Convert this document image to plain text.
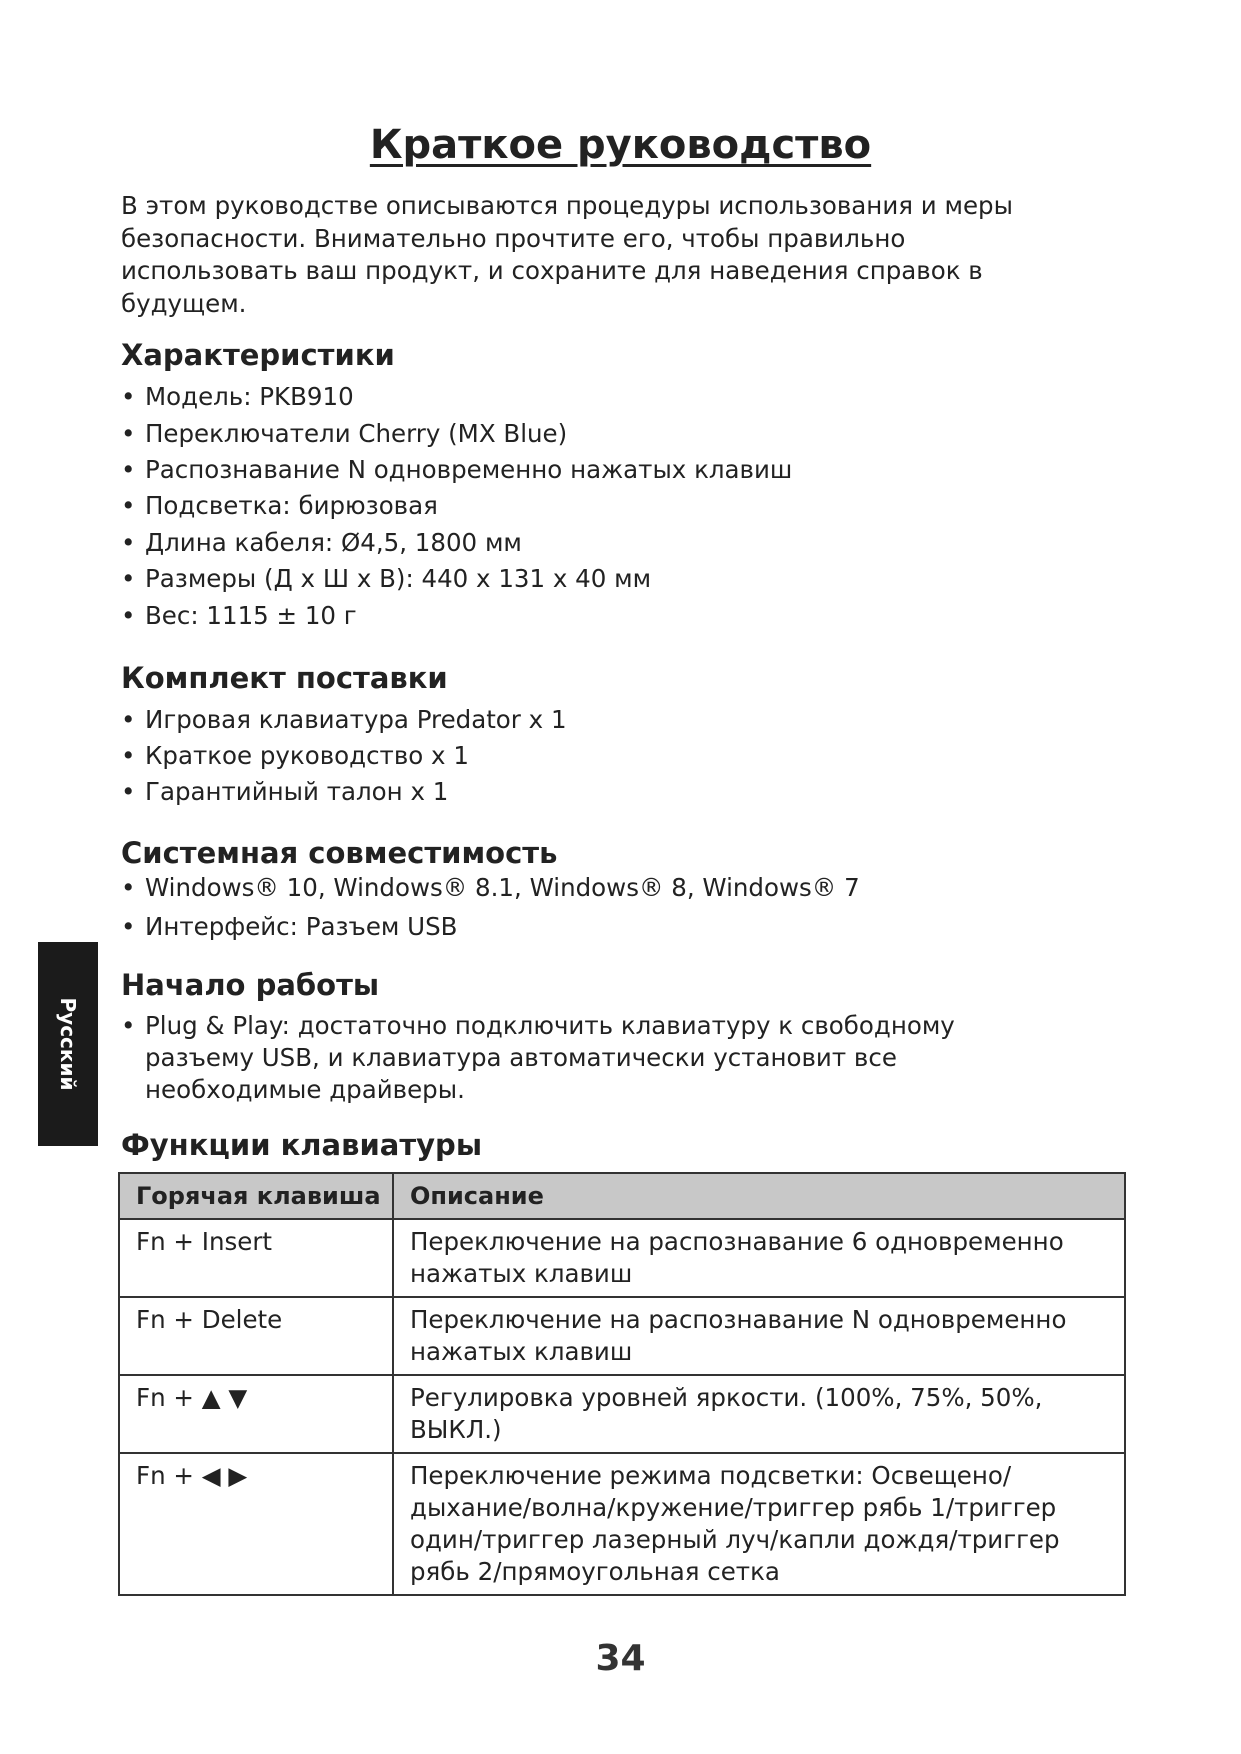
Краткое руководство

В этом руководстве описываются процедуры использования и меры безопасности. Внимательно прочтите его, чтобы правильно использовать ваш продукт, и сохраните для наведения справок в будущем.

Характеристики
• Модель: PKB910
• Переключатели Cherry (MX Blue)
• Распознавание N одновременно нажатых клавиш
• Подсветка: бирюзовая
• Длина кабеля: Ø4,5, 1800 мм
• Размеры (Д х Ш х В): 440 х 131 х 40 мм
• Вес: 1115 ± 10 г
Комплект поставки
• Игровая клавиатура Predator х 1
• Краткое руководство х 1
• Гарантийный талон х 1
Системная совместимость
• Windows® 10, Windows® 8.1, Windows® 8, Windows® 7
• Интерфейс: Разъем USB
Начало работы
• Plug & Play: достаточно подключить клавиатуру к свободному разъему USB, и клавиатура автоматически установит все необходимые драйверы.
Русский
Функции клавиатуры
Горячая клавиша	Описание
Fn + Insert	Переключение на распознавание 6 одновременно нажатых клавиш
Fn + Delete	Переключение на распознавание N одновременно нажатых клавиш
Fn + ▲ ▼	Регулировка уровней яркости. (100%, 75%, 50%, ВЫКЛ.)
Fn + ◀ ▶	Переключение режима подсветки: Освещено/дыхание/волна/кружение/триггер рябь 1/триггер один/триггер лазерный луч/капли дождя/триггер рябь 2/прямоугольная сетка

34
